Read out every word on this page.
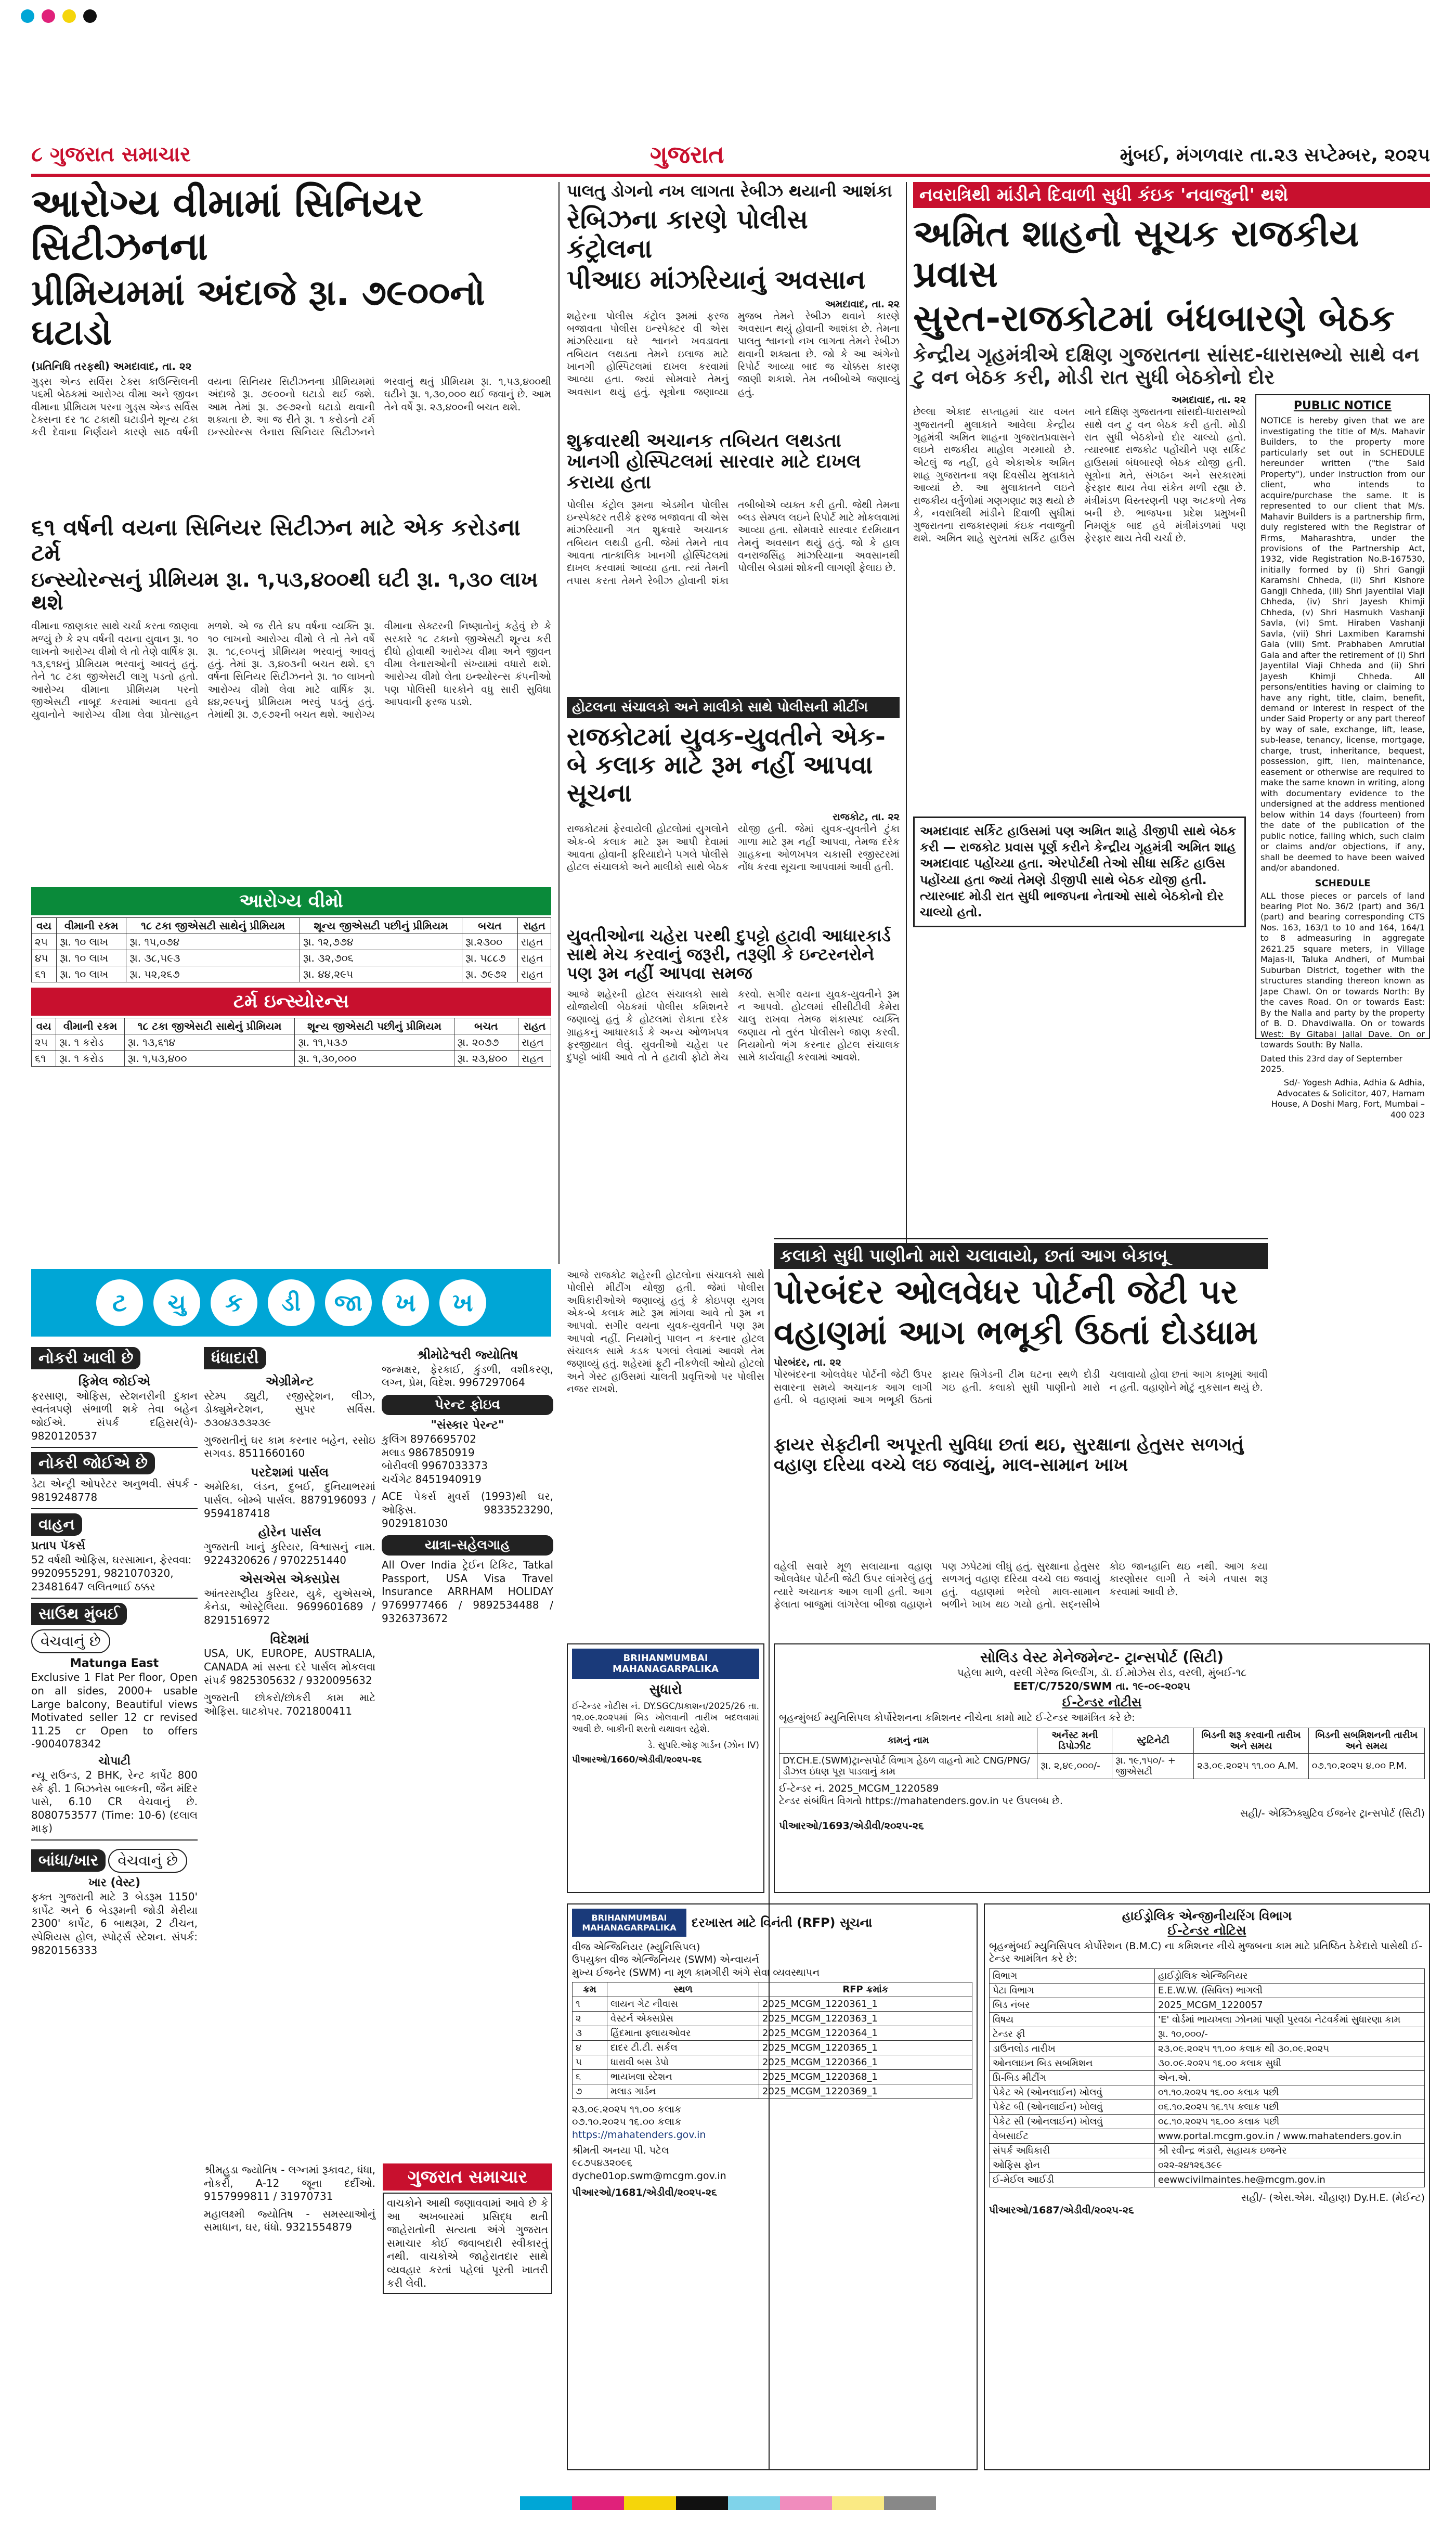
૮ ગુજરાત સમાચાર	ગુજરાત	મુંબઈ, મંગળવાર તા.૨૩ સપ્ટેમ્બર, ૨૦૨૫
આરોગ્ય વીમામાં સિનિયર સિટીઝનના
પ્રીમિયમમાં અંદાજે રૂા. ૭૯૦૦નો ઘટાડો
(પ્રતિનિધિ તરફથી) અમદાવાદ, તા. ૨૨
ગુડ્સ એન્ડ સર્વિસ ટેક્સ કાઉન્સિલની ૫૬મી બેઠકમાં આરોગ્ય વીમા અને જીવન વીમાના પ્રીમિયમ પરના ગુડ્સ એન્ડ સર્વિસ ટેક્સના દર ૧૮ ટકાથી ઘટાડીને શૂન્ય ટકા કરી દેવાના નિર્ણયને કારણે સાઠ વર્ષની વયના સિનિયર સિટીઝનના પ્રીમિયમમાં અંદાજે રૂા. ૭૯૦૦નો ઘટાડો થઈ જશે. આમ તેમાં રૂા. ૭૯૭૨નો ઘટાડો થવાની શક્યતા છે. આ જ રીતે રૂા. ૧ કરોડનો ટર્મ ઇન્સ્યોરન્સ લેનારા સિનિયર સિટીઝનને ભરવાનું થતું પ્રીમિયમ રૂા. ૧,૫૩,૪૦૦થી ઘટીને રૂા. ૧,૩૦,૦૦૦ થઈ જવાનું છે. આમ તેને વર્ષે રૂા. ૨૩,૪૦૦ની બચત થશે.
૬૧ વર્ષની વયના સિનિયર સિટીઝન માટે એક કરોડના ટર્મ
ઇન્સ્યોરન્સનું પ્રીમિયમ રૂા. ૧,૫૩,૪૦૦થી ઘટી રૂા. ૧,૩૦ લાખ થશે
વીમાના જાણકાર સાથે ચર્ચા કરતા જાણવા મળ્યું છે કે ૨૫ વર્ષની વયના યુવાન રૂા. ૧૦ લાખનો આરોગ્ય વીમો લે તો તેણે વાર્ષિક રૂા. ૧૩,૬૧૪નું પ્રીમિયમ ભરવાનું આવતું હતું. તેને ૧૮ ટકા જીએસટી લાગુ પડતો હતો. આરોગ્ય વીમાના પ્રીમિયમ પરનો જીએસટી નાબૂદ કરવામાં આવતા હવે યુવાનોને આરોગ્ય વીમા લેવા પ્રોત્સાહન મળશે. એ જ રીતે ૪૫ વર્ષના વ્યક્તિ રૂા. ૧૦ લાખનો આરોગ્ય વીમો લે તો તેને વર્ષે રૂા. ૧૮,૯૦૫નું પ્રીમિયમ ભરવાનું આવતું હતું. તેમાં રૂા. ૩,૪૦૩ની બચત થશે. ૬૧ વર્ષના સિનિયર સિટીઝનને રૂા. ૧૦ લાખનો આરોગ્ય વીમો લેવા માટે વાર્ષિક રૂા. ૪૪,૨૯૫નું પ્રીમિયમ ભરવું પડતું હતું. તેમાંથી રૂા. ૭,૯૭૨ની બચત થશે. આરોગ્ય વીમાના સેક્ટરની નિષ્ણાતોનું કહેવું છે કે સરકારે ૧૮ ટકાનો જીએસટી શૂન્ય કરી દીધો હોવાથી આરોગ્ય વીમા અને જીવન વીમા લેનારાઓની સંખ્યામાં વધારો થશે. આરોગ્ય વીમો લેતા ઇન્શ્યોરન્સ કંપનીઓ પણ પોલિસી ધારકોને વધુ સારી સુવિધા આપવાની ફરજ પડશે.
આરોગ્ય વીમો
વય	વીમાની રકમ	૧૮ ટકા જીએસટી સાથેનું પ્રીમિયમ	શૂન્ય જીએસટી પછીનું પ્રીમિયમ	બચત	રાહત
૨૫	રૂા. ૧૦ લાખ	રૂા. ૧૫,૦૭૪	રૂા. ૧૨,૭૭૪	રૂા.૨૩૦૦	રાહત
૪૫	રૂા. ૧૦ લાખ	રૂા. ૩૮,૫૯૩	રૂા. ૩૨,૭૦૬	રૂા. ૫૮૮૭	રાહત
૬૧	રૂા. ૧૦ લાખ	રૂા. ૫૨,૨૬૭	રૂા. ૪૪,૨૯૫	રૂા. ૭૯૭૨	રાહત
ટર્મ ઇન્સ્યોરન્સ
વય	વીમાની રકમ	૧૮ ટકા જીએસટી સાથેનું પ્રીમિયમ	શૂન્ય જીએસટી પછીનું પ્રીમિયમ	બચત	રાહત
૨૫	રૂા. ૧ કરોડ	રૂા. ૧૩,૬૧૪	રૂા. ૧૧,૫૩૭	રૂા. ૨૦૭૭	રાહત
૬૧	રૂા. ૧ કરોડ	રૂા. ૧,૫૩,૪૦૦	રૂા. ૧,૩૦,૦૦૦	રૂા. ૨૩,૪૦૦	રાહત
પાલતુ ડોગનો નખ લાગતા રેબીઝ થયાની આશંકા
રેબિઝના કારણે પોલીસ કંટ્રોલના
પીઆઇ માંઝરિયાનું અવસાન
અમદાવાદ, તા. ૨૨
શહેરના પોલીસ કંટ્રોલ રૂમમાં ફરજ બજાવતા પોલીસ ઇન્સ્પેક્ટર વી એસ માંઝરિયાના ઘરે શ્વાનને ખવડાવતા તબિયત લથડતા તેમને ઇલાજ માટે ખાનગી હોસ્પિટલમાં દાખલ કરવામાં આવ્યા હતા. જ્યાં સોમવારે તેમનું અવસાન થયું હતું. સૂત્રોના જણાવ્યા મુજબ તેમને રેબીઝ થવાને કારણે અવસાન થયું હોવાની આશંકા છે. તેમના પાલતુ શ્વાનનો નખ લાગતા તેમને રેબીઝ થવાની શક્યતા છે. જો કે આ અંગેનો રિપોર્ટ આવ્યા બાદ જ ચોક્કસ કારણ જાણી શકાશે. તેમ તબીબોએ જણાવ્યું હતું.
શુક્રવારથી અચાનક તબિયત લથડતા ખાનગી હોસ્પિટલમાં સારવાર માટે દાખલ કરાયા હતા
પોલીસ કંટ્રોલ રૂમના એડમીન પોલીસ ઇન્સ્પેક્ટર તરીકે ફરજ બજાવતા વી એસ માંઝરિયાની ગત શુક્રવારે અચાનક તબિયત લથડી હતી. જેમાં તેમને તાવ આવતા તાત્કાલિક ખાનગી હોસ્પિટલમાં દાખલ કરવામાં આવ્યા હતા. ત્યાં તેમની તપાસ કરતા તેમને રેબીઝ હોવાની શંકા તબીબોએ વ્યક્ત કરી હતી. જેથી તેમના બ્લડ સેમ્પલ લઇને રિપોર્ટ માટે મોકલવામાં આવ્યા હતા. સોમવારે સારવાર દરમિયાન તેમનું અવસાન થયું હતું. જો કે હાલ વનરાજસિંહ માંઝરિયાના અવસાનથી પોલીસ બેડામાં શોકની લાગણી ફેલાઇ છે.
હોટલના સંચાલકો અને માલીકો સાથે પોલીસની મીટીંગ
રાજકોટમાં યુવક-યુવતીને એક-બે કલાક માટે રૂમ નહીં આપવા સૂચના
રાજકોટ, તા. ૨૨
રાજકોટમાં ફેરવાયેલી હોટલોમાં યુગલોને એક-બે કલાક માટે રૂમ આપી દેવામાં આવતા હોવાની ફરિયાદોને પગલે પોલીસે હોટલ સંચાલકો અને માલીકો સાથે બેઠક યોજી હતી. જેમાં યુવક-યુવતીને ટુંકા ગાળા માટે રૂમ નહીં આપવા, તેમજ દરેક ગ્રાહકના ઓળખપત્ર ચકાસી રજીસ્ટરમાં નોંધ કરવા સૂચના આપવામાં આવી હતી.
યુવતીઓના ચહેરા પરથી દુપટ્ટો હટાવી આધારકાર્ડ સાથે મેચ કરવાનું જરૂરી, તરૂણી કે ઇન્ટરનરોને પણ રૂમ નહીં આપવા સમજ
આજે શહેરની હોટલ સંચાલકો સાથે યોજાયેલી બેઠકમાં પોલીસ કમિશનરે જણાવ્યું હતું કે હોટલમાં રોકાતા દરેક ગ્રાહકનું આધારકાર્ડ કે અન્ય ઓળખપત્ર ફરજીયાત લેવું. યુવતીઓ ચહેરા પર દુપટ્ટો બાંધી આવે તો તે હટાવી ફોટો મેચ કરવો. સગીર વયના યુવક-યુવતીને રૂમ ન આપવો. હોટલમાં સીસીટીવી કેમેરા ચાલુ રાખવા તેમજ શંકાસ્પદ વ્યક્તિ જણાય તો તુરંત પોલીસને જાણ કરવી. નિયમોનો ભંગ કરનાર હોટલ સંચાલક સામે કાર્યવાહી કરવામાં આવશે.
નવરાત્રિથી માંડીને દિવાળી સુધી કંઇક 'નવાજુની' થશે
અમિત શાહનો સૂચક રાજકીય પ્રવાસ
સુરત-રાજકોટમાં બંધબારણે બેઠક
કેન્દ્રીય ગૃહમંત્રીએ દક્ષિણ ગુજરાતના સાંસદ-ધારાસભ્યો સાથે વન ટુ વન બેઠક કરી, મોડી રાત સુધી બેઠકોનો દોર
અમદાવાદ, તા. ૨૨
છેલ્લા એકાદ સપ્તાહમાં ચાર વખત ગુજરાતની મુલાકાતે આવેલા કેન્દ્રીય ગૃહમંત્રી અમિત શાહના ગુજરાતપ્રવાસને લઇને રાજકીય માહોલ ગરમાયો છે. એટલું જ નહીં, હવે એકાએક અમિત શાહ ગુજરાતના ત્રણ દિવસીય મુલાકાતે આવ્યાં છે. આ મુલાકાતને લઇને રાજકીય વર્તુળોમાં ગણગણાટ શરૂ થયો છે કે, નવરાત્રિથી માંડીને દિવાળી સુધીમાં ગુજરાતના રાજકારણમાં કંઇક નવાજુની થશે. અમિત શાહે સુરતમાં સર્કિટ હાઉસ ખાતે દક્ષિણ ગુજરાતના સાંસદો-ધારાસભ્યો સાથે વન ટુ વન બેઠક કરી હતી. મોડી રાત સુધી બેઠકોનો દોર ચાલ્યો હતો. ત્યારબાદ રાજકોટ પહોંચીને પણ સર્કિટ હાઉસમાં બંધબારણે બેઠક યોજી હતી. સૂત્રોના મતે, સંગઠન અને સરકારમાં ફેરફાર થાય તેવા સંકેત મળી રહ્યા છે. મંત્રીમંડળ વિસ્તરણની પણ અટકળો તેજ બની છે. ભાજપના પ્રદેશ પ્રમુખની નિમણૂંક બાદ હવે મંત્રીમંડળમાં પણ ફેરફાર થાય તેવી ચર્ચા છે.
PUBLIC NOTICE
NOTICE is hereby given that we are investigating the title of M/s. Mahavir Builders, to the property more particularly set out in SCHEDULE hereunder written ("the Said Property"), under instruction from our client, who intends to acquire/purchase the same. It is represented to our client that M/s. Mahavir Builders is a partnership firm, duly registered with the Registrar of Firms, Maharashtra, under the provisions of the Partnership Act, 1932, vide Registration No.B-167530, initially formed by (i) Shri Gangji Karamshi Chheda, (ii) Shri Kishore Gangji Chheda, (iii) Shri Jayentilal Viaji Chheda, (iv) Shri Jayesh Khimji Chheda, (v) Shri Hasmukh Vashanji Savla, (vi) Smt. Hiraben Vashanji Savla, (vii) Shri Laxmiben Karamshi Gala (viii) Smt. Prabhaben Amrutlal Gala and after the retirement of (i) Shri Jayentilal Viaji Chheda and (ii) Shri Jayesh Khimji Chheda. All persons/entities having or claiming to have any right, title, claim, benefit, demand or interest in respect of the under Said Property or any part thereof by way of sale, exchange, lift, lease, sub-lease, tenancy, license, mortgage, charge, trust, inheritance, bequest, possession, gift, lien, maintenance, easement or otherwise are required to make the same known in writing, along with documentary evidence to the undersigned at the address mentioned below within 14 days (fourteen) from the date of the publication of the public notice, failing which, such claim or claims and/or objections, if any, shall be deemed to have been waived and/or abandoned.
SCHEDULE
ALL those pieces or parcels of land bearing Plot No. 36/2 (part) and 36/1 (part) and bearing corresponding CTS Nos. 163, 163/1 to 10 and 164, 164/1 to 8 admeasuring in aggregate 2621.25 square meters, in Village Majas-II, Taluka Andheri, of Mumbai Suburban District, together with the structures standing thereon known as Jape Chawl. On or towards North: By the caves Road. On or towards East: By the Nalla and party by the property of B. D. Dhavdiwalla. On or towards West: By Gitabai Jallal Dave. On or towards South: By Nalla.
Dated this 23rd day of September 2025.
Sd/- Yogesh Adhia, Adhia & Adhia, Advocates & Solicitor, 407, Hamam House, A Doshi Marg, Fort, Mumbai – 400 023
અમદાવાદ સર્કિટ હાઉસમાં પણ અમિત શાહે ડીજીપી સાથે બેઠક કરી — રાજકોટ પ્રવાસ પૂર્ણ કરીને કેન્દ્રીય ગૃહમંત્રી અમિત શાહ અમદાવાદ પહોંચ્યા હતા. એરપોર્ટથી તેઓ સીધા સર્કિટ હાઉસ પહોંચ્યા હતા જ્યાં તેમણે ડીજીપી સાથે બેઠક યોજી હતી. ત્યારબાદ મોડી રાત સુધી ભાજપના નેતાઓ સાથે બેઠકોનો દોર ચાલ્યો હતો.
કલાકો સુધી પાણીનો મારો ચલાવાયો, છતાં આગ બેકાબૂ
પોરબંદર ઓલવેધર પોર્ટની જેટી પર
વહાણમાં આગ ભભૂકી ઉઠતાં દોડધામ
પોરબંદર, તા. ૨૨
પોરબંદરના ઓલવેધર પોર્ટની જેટી ઉપર સવારના સમયે અચાનક આગ લાગી હતી. બે વહાણમાં આગ ભભૂકી ઉઠતાં ફાયર બ્રિગેડની ટીમ ઘટના સ્થળે દોડી ગઇ હતી. કલાકો સુધી પાણીનો મારો ચલાવાયો હોવા છતાં આગ કાબૂમાં આવી ન હતી. વહાણોને મોટું નુકસાન થયું છે.
ફાયર સેફ્ટીની અપૂરતી સુવિધા છતાં થઇ, સુરક્ષાના હેતુસર સળગતું વહાણ દરિયા વચ્ચે લઇ જવાયું, માલ-સામાન ખાખ
વહેલી સવારે મૂળ સલાયાના વહાણ ઓલવેધર પોર્ટની જેટી ઉપર લાંગરેલું હતું ત્યારે અચાનક આગ લાગી હતી. આગ ફેલાતા બાજુમાં લાંગરેલા બીજા વહાણને પણ ઝપેટમાં લીધું હતું. સુરક્ષાના હેતુસર સળગતું વહાણ દરિયા વચ્ચે લઇ જવાયું હતું. વહાણમાં ભરેલો માલ-સામાન બળીને ખાખ થઇ ગયો હતો. સદ્નસીબે કોઇ જાનહાનિ થઇ નથી. આગ કયા કારણોસર લાગી તે અંગે તપાસ શરૂ કરવામાં આવી છે.
આજે રાજકોટ શહેરની હોટલોના સંચાલકો સાથે પોલીસે મીટીંગ યોજી હતી. જેમાં પોલીસ અધિકારીઓએ જણાવ્યું હતું કે કોઇપણ યુગલ એક-બે કલાક માટે રૂમ માંગવા આવે તો રૂમ ન આપવો. સગીર વયના યુવક-યુવતીને પણ રૂમ આપવો નહીં. નિયમોનું પાલન ન કરનાર હોટલ સંચાલક સામે કડક પગલાં લેવામાં આવશે તેમ જણાવ્યું હતું. શહેરમાં ફૂટી નીકળેલી ઓયો હોટલો અને ગેસ્ટ હાઉસમાં ચાલતી પ્રવૃત્તિઓ પર પોલીસ નજર રાખશે.
ટ	ચુ	ક	ડી	જા	ખ	ખ
નોકરી ખાલી છે
ફિમેલ જોઈએ
ફરસાણ, ઓફિસ, સ્ટેશનરીની દુકાન સ્વતંત્રપણે સંભાળી શકે તેવા બહેન જોઈએ. સંપર્ક દહિસર(વે)- 9820120537
નોકરી જોઈએ છે
ડેટા એન્ટ્રી ઓપરેટર અનુભવી. સંપર્ક - 9819248778
વાહન
પ્રતાપ પૅકર્સ
52 વર્ષથી ઓફિસ, ઘરસામાન, ફેરવવા: 9920955291, 9821070320, 23481647 લલિતભાઈ ઠક્કર
સાઉથ મુંબઈ વેચવાનું છે
Matunga East
Exclusive 1 Flat Per floor, Open on all sides, 2000+ usable Large balcony, Beautiful views Motivated seller 12 cr revised 11.25 cr Open to offers -9004078342
ચોપાટી
ન્યૂ રાઉન્ડ, 2 BHK, રેન્ટ કાર્પેટ 800 સ્કે ફી. 1 બિઝનેસ બાલ્કની, જૈન મંદિર પાસે, 6.10 CR વેચવાનું છે. 8080753577 (Time: 10-6) (દલાલ માફ)
બાંધા/ખાર વેચવાનું છે
ખાર (વેસ્ટ)
ફક્ત ગુજરાતી માટે 3 બેડરૂમ 1150' કાર્પેટ અને 6 બેડરૂમની જોડી મેરીયા 2300' કાર્પેટ, 6 બાથરૂમ, 2 ટીચન, સ્પેશિયસ હોલ, સ્પોર્ટ્સ સ્ટેશન. સંપર્ક: 9820156333
ધંધાદારી
એગ્રીમેન્ટ
સ્ટેમ્પ ડ્યુટી, રજીસ્ટ્રેશન, લીઝ, ડોક્યુમેન્ટેશન, સુપર સર્વિસ. ૭૩૦૪૩૭૩૨૩૯
ગુજરાતીનું ઘર કામ કરનાર બહેન, રસોઇ સગવડ. 8511660160
પરદેશમાં પાર્સલ
અમેરિકા, લંડન, દુબઈ, દુનિયાભરમાં પાર્સલ. બોમ્બે પાર્સલ. 8879196093 / 9594187418
હોરેન પાર્સલ
ગુજરાતી ખાનું કુરિયર, વિશ્વાસનું નામ. 9224320626 / 9702251440
એસએસ એક્સપ્રેસ
આંતરરાષ્ટ્રીય કુરિયર, યુકે, યુએસએ, કેનેડા, ઓસ્ટ્રેલિયા. 9699601689 / 8291516972
વિદેશમાં
USA, UK, EUROPE, AUSTRALIA, CANADA માં સસ્તા દરે પાર્સલ મોકલવા સંપર્ક 9825305632 / 9320095632
ગુજરાતી છોકરો/છોકરી કામ માટે ઓફિસ. ઘાટકોપર. 7021800411
શ્રીમોઢેશ્વરી જ્યોતિષ
જન્મક્ષર, ફેરકાઈ, કુંડળી, વશીકરણ, લગ્ન, પ્રેમ, વિદેશ. 9967297064
પેરન્ટ ફોઇવ
"સંસ્કાર પેરન્ટ"
કુલિંગ 8976695702
મલાડ 9867850919
બોરીવલી 9967033373
ચર્ચગેટ 8451940919
ACE પેકર્સ મુવર્સ (1993)થી ઘર, ઓફિસ. 9833523290, 9029181030
યાત્રા-સહેલગાહ
All Over India ટ્રેઈન ટિકિટ, Tatkal Passport, USA Visa Travel Insurance ARRHAM HOLIDAY 9769977466 / 9892534488 / 9326373672
શ્રીમહુડા જ્યોતિષ - લગ્નમાં રૂકાવટ, ધંધા, નોકરી, A-12 જૂના દર્દીઓ. 9157999811 / 31970731
મહાલક્ષ્મી જ્યોતિષ - સમસ્યાઓનું સમાધાન, ઘર, ધંધો. 9321554879
ગુજરાત સમાચાર
વાચકોને આથી જણાવવામાં આવે છે કે આ અખબારમાં પ્રસિદ્ધ થતી જાહેરાતોની સત્યતા અંગે ગુજરાત સમાચાર કોઈ જવાબદારી સ્વીકારતું નથી. વાચકોએ જાહેરાતદાર સાથે વ્યવહાર કરતાં પહેલાં પૂરતી ખાતરી કરી લેવી.
BRIHANMUMBAI MAHANAGARPALIKA
સુધારો
ઈ-ટેન્ડર નોટીસ નં. DY.SGC/પ્રકાશન/2025/26 તા. ૧૨.૦૯.૨૦૨૫માં બિડ ખોલવાની તારીખ બદલવામાં આવી છે. બાકીની શરતો યથાવત રહેશે.
ડે. સુપરિ.ઓફ ગાર્ડન (ઝોન IV)
પીઆરઓ/1660/એડીવી/૨૦૨૫-૨૬
સોલિડ વેસ્ટ મેનેજમેન્ટ- ટ્રાન્સપોર્ટ (સિટી)
પહેલા માળે, વરલી ગેરેજ બિલ્ડીંગ, ડૉ. ઈ.મોઝેસ રોડ, વરલી, મુંબઈ-૧૮
EET/C/7520/SWM તા. ૧૯-૦૯-૨૦૨૫
ઈ-ટેન્ડર નોટીસ
બૃહન્મુંબઈ મ્યુનિસિપલ કોર્પોરેશનના કમિશનર નીચેના કામો માટે ઈ-ટેન્ડર આમંત્રિત કરે છે:
કામનું નામ	અર્નેસ્ટ મની ડિપોઝીટ	સ્ટુટિનેટી	બિડની શરૂ કરવાની તારીખ અને સમય	બિડની સબમિશનની તારીખ અને સમય
DY.CH.E.(SWM)ટ્રાન્સપોર્ટ વિભાગ હેઠળ વાહનો માટે CNG/PNG/ડીઝલ ઇંધણ પૂરા પાડવાનું કામ	રૂા. ૨,૪૯,૦૦૦/-	રૂા. ૧૯,૧૫૦/- + જીએસટી	૨૩.૦૯.૨૦૨૫ ૧૧.૦૦ A.M.	૦૭.૧૦.૨૦૨૫ ૪.૦૦ P.M.
ઈ-ટેન્ડર નં. 2025_MCGM_1220589
ટેન્ડર સંબંધિત વિગતો https://mahatenders.gov.in પર ઉપલબ્ધ છે.
સહી/- એક્ઝિક્યુટિવ ઈજનેર ટ્રાન્સપોર્ટ (સિટી)
પીઆરઓ/1693/એડીવી/૨૦૨૫-૨૬
BRIHANMUMBAI MAHANAGARPALIKA	દરખાસ્ત માટે વિનંતી (RFP) સૂચના
વીજ એન્જિનિયર (મ્યુનિસિપલ)
ઉપયુક્ત વીજ એન્જિનિયર (SWM) એન્વાયર્ન
મુખ્ય ઈજનેર (SWM) ના મૂળ કામગીરી અંગે સેવા વ્યવસ્થાપન
ક્રમ	સ્થળ	RFP ક્રમાંક
૧	લાયન ગેટ નીવાસ	2025_MCGM_1220361_1
૨	વેસ્ટર્ન એક્સપ્રેસ	2025_MCGM_1220363_1
૩	હિંદમાતા ફ્લાયઓવર	2025_MCGM_1220364_1
૪	દાદર ટી.ટી. સર્કલ	2025_MCGM_1220365_1
૫	ધારાવી બસ ડેપો	2025_MCGM_1220366_1
૬	ભાયખલા સ્ટેશન	2025_MCGM_1220368_1
૭	મલાડ ગાર્ડન	2025_MCGM_1220369_1
૨૩.૦૯.૨૦૨૫ ૧૧.૦૦ કલાક
૦૭.૧૦.૨૦૨૫ ૧૬.૦૦ કલાક
https://mahatenders.gov.in
શ્રીમતી અનયા પી. પટેલ
૯૮૭૫૪૩૨૦૯૬
dyche01op.swm@mcgm.gov.in
પીઆરઓ/1681/એડીવી/૨૦૨૫-૨૬
હાઈડ્રોલિક એન્જીનીયરિંગ વિભાગ
ઈ-ટેન્ડર નોટિસ
બૃહન્મુંબઈ મ્યુનિસિપલ કોર્પોરેશન (B.M.C) ના કમિશનર નીચે મુજબના કામ માટે પ્રતિષ્ઠિત ઠેકેદારો પાસેથી ઈ-ટેન્ડર આમંત્રિત કરે છે:
વિભાગ	હાઈડ્રોલિક એન્જિનિયર
પેટા વિભાગ	E.E.W.W. (સિવિલ) ભાગલી
બિડ નંબર	2025_MCGM_1220057
વિષય	'E' વોર્ડમાં ભાયખલા ઝોનમાં પાણી પુરવઠા નેટવર્કમાં સુધારણા કામ
ટેન્ડર ફી	રૂા. ૧૦,૦૦૦/-
ડાઉનલોડ તારીખ	૨૩.૦૯.૨૦૨૫ ૧૧.૦૦ કલાક થી ૩૦.૦૯.૨૦૨૫
ઓનલાઇન બિડ સબમિશન	૩૦.૦૯.૨૦૨૫ ૧૬.૦૦ કલાક સુધી
પ્રિ-બિડ મીટીંગ	એન.એ.
પેકેટ એ (ઓનલાઈન) ખોલવું	૦૧.૧૦.૨૦૨૫ ૧૬.૦૦ કલાક પછી
પેકેટ બી (ઓનલાઈન) ખોલવું	૦૬.૧૦.૨૦૨૫ ૧૬.૧૫ કલાક પછી
પેકેટ સી (ઓનલાઈન) ખોલવું	૦૮.૧૦.૨૦૨૫ ૧૬.૦૦ કલાક પછી
વેબસાઈટ	www.portal.mcgm.gov.in / www.mahatenders.gov.in
સંપર્ક અધિકારી	શ્રી રવીન્દ્ર ભંડારી, સહાયક ઇજનેર
ઓફિસ ફોન	૦૨૨-૨૪૧૨૬૩૯૯
ઈ-મેઈલ આઈડી	eewwcivilmaintes.he@mcgm.gov.in
સહી/- (એસ.એમ. ચૌહાણ) Dy.H.E. (મેઈન્ટ)
પીઆરઓ/1687/એડીવી/૨૦૨૫-૨૬
